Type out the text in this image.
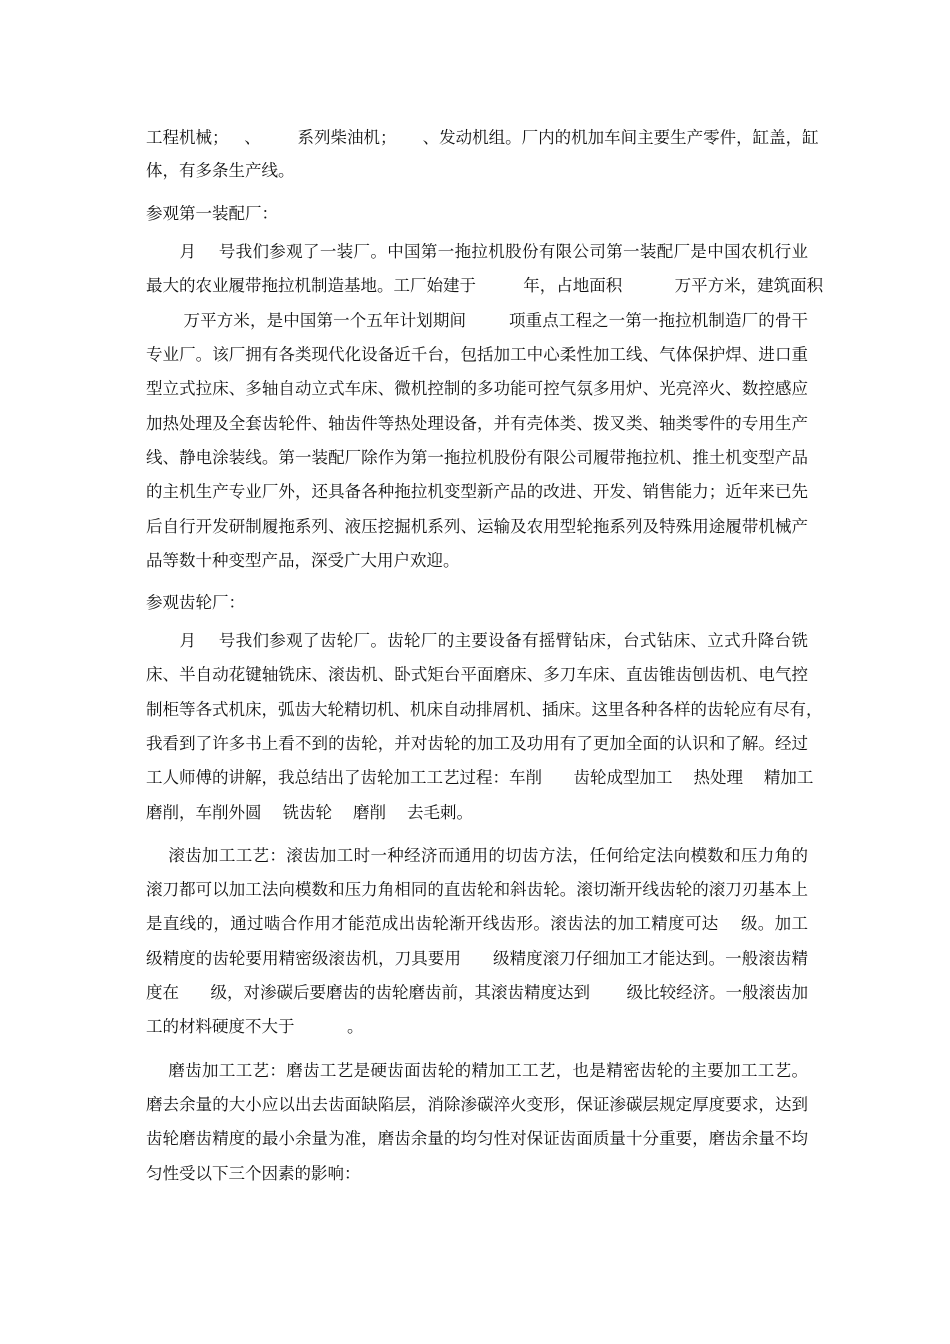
工程机械；   、       系列柴油机；     、发动机组。厂内的机加车间主要生产零件，缸盖，缸
体，有多条生产线。
参观第一装配厂：
月    号我们参观了一装厂。中国第一拖拉机股份有限公司第一装配厂是中国农机行业
最大的农业履带拖拉机制造基地。工厂始建于         年，占地面积          万平方米，建筑面积
万平方米，是中国第一个五年计划期间        项重点工程之一第一拖拉机制造厂的骨干
专业厂。该厂拥有各类现代化设备近千台，包括加工中心柔性加工线、气体保护焊、进口重
型立式拉床、多轴自动立式车床、微机控制的多功能可控气氛多用炉、光亮淬火、数控感应
加热处理及全套齿轮件、轴齿件等热处理设备，并有壳体类、拨叉类、轴类零件的专用生产
线、静电涂装线。第一装配厂除作为第一拖拉机股份有限公司履带拖拉机、推土机变型产品
的主机生产专业厂外，还具备各种拖拉机变型新产品的改进、开发、销售能力；近年来已先
后自行开发研制履拖系列、液压挖掘机系列、运输及农用型轮拖系列及特殊用途履带机械产
品等数十种变型产品，深受广大用户欢迎。
参观齿轮厂：
月    号我们参观了齿轮厂。齿轮厂的主要设备有摇臂钻床，台式钻床、立式升降台铣
床、半自动花键轴铣床、滚齿机、卧式矩台平面磨床、多刀车床、直齿锥齿刨齿机、电气控
制柜等各式机床，弧齿大轮精切机、机床自动排屑机、插床。这里各种各样的齿轮应有尽有，
我看到了许多书上看不到的齿轮，并对齿轮的加工及功用有了更加全面的认识和了解。经过
工人师傅的讲解，我总结出了齿轮加工工艺过程：车削      齿轮成型加工    热处理    精加工
磨削，车削外圆    铣齿轮    磨削    去毛刺。
滚齿加工工艺：滚齿加工时一种经济而通用的切齿方法，任何给定法向模数和压力角的
滚刀都可以加工法向模数和压力角相同的直齿轮和斜齿轮。滚切渐开线齿轮的滚刀刃基本上
是直线的，通过啮合作用才能范成出齿轮渐开线齿形。滚齿法的加工精度可达    级。加工
级精度的齿轮要用精密级滚齿机，刀具要用      级精度滚刀仔细加工才能达到。一般滚齿精
度在      级，对渗碳后要磨齿的齿轮磨齿前，其滚齿精度达到       级比较经济。一般滚齿加
工的材料硬度不大于          。
磨齿加工工艺：磨齿工艺是硬齿面齿轮的精加工工艺，也是精密齿轮的主要加工工艺。
磨去余量的大小应以出去齿面缺陷层，消除渗碳淬火变形，保证渗碳层规定厚度要求，达到
齿轮磨齿精度的最小余量为准，磨齿余量的均匀性对保证齿面质量十分重要，磨齿余量不均
匀性受以下三个因素的影响：
